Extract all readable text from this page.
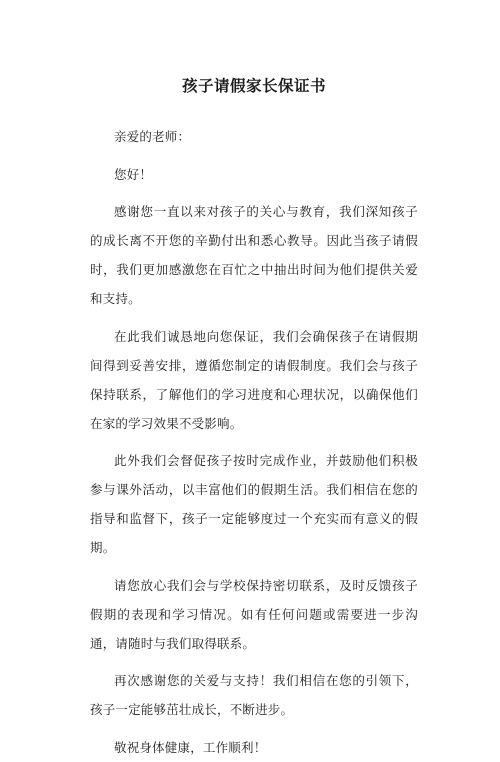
孩子请假家长保证书

亲爱的老师：

您好！

感谢您一直以来对孩子的关心与教育，我们深知孩子的成长离不开您的辛勤付出和悉心教导。因此当孩子请假时，我们更加感激您在百忙之中抽出时间为他们提供关爱和支持。

在此我们诚恳地向您保证，我们会确保孩子在请假期间得到妥善安排，遵循您制定的请假制度。我们会与孩子保持联系，了解他们的学习进度和心理状况，以确保他们在家的学习效果不受影响。

此外我们会督促孩子按时完成作业，并鼓励他们积极参与课外活动，以丰富他们的假期生活。我们相信在您的指导和监督下，孩子一定能够度过一个充实而有意义的假期。

请您放心我们会与学校保持密切联系，及时反馈孩子假期的表现和学习情况。如有任何问题或需要进一步沟通，请随时与我们取得联系。

再次感谢您的关爱与支持！我们相信在您的引领下，孩子一定能够茁壮成长，不断进步。

敬祝身体健康，工作顺利！
